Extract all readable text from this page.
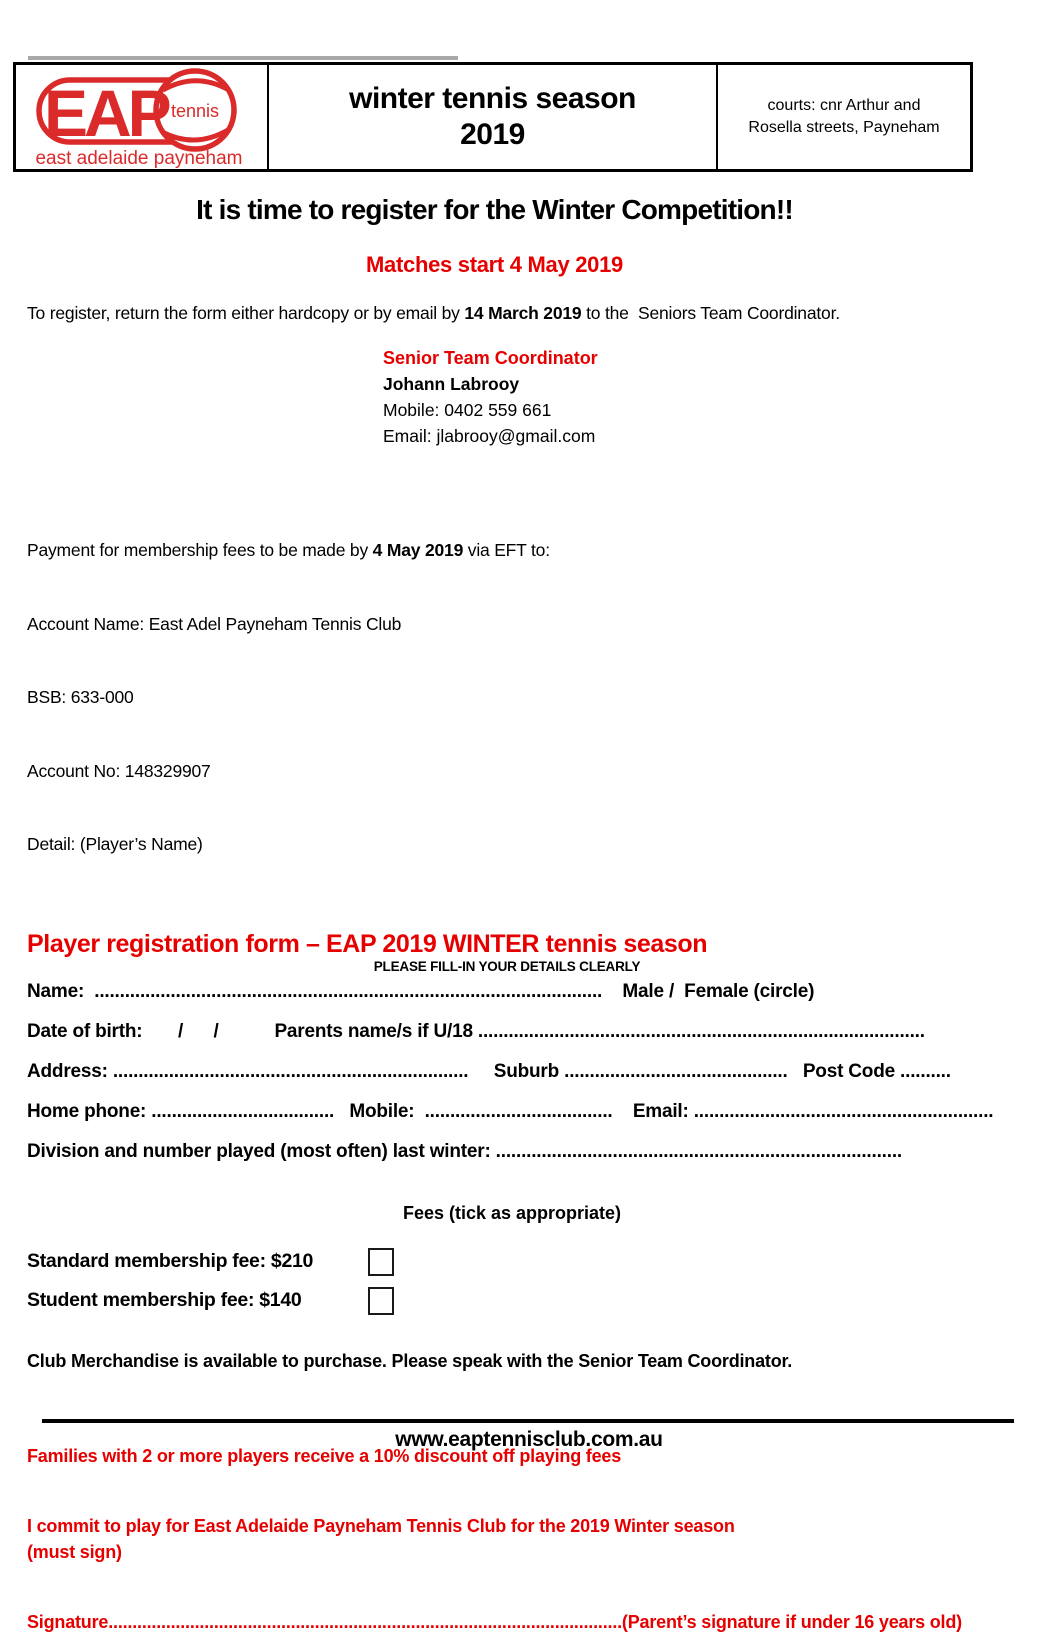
EAP tennis
east adelaide payneham
winter tennis season
2019
courts: cnr Arthur and
Rosella streets, Payneham
It is time to register for the Winter Competition!!
Matches start 4 May 2019
To register, return the form either hardcopy or by email by 14 March 2019 to the  Seniors Team Coordinator.
Senior Team Coordinator
Johann Labrooy
Mobile: 0402 559 661
Email: jlabrooy@gmail.com

Payment for membership fees to be made by 4 May 2019 via EFT to:

Account Name: East Adel Payneham Tennis Club

BSB: 633-000

Account No: 148329907

Detail: (Player’s Name)

Player registration form – EAP 2019 WINTER tennis season
PLEASE FILL-IN YOUR DETAILS CLEARLY
Name:  ....................................................................................................    Male /  Female (circle)
Date of birth:       /      /           Parents name/s if U/18 ........................................................................................
Address: ......................................................................     Suburb ............................................   Post Code ..........
Home phone: ....................................   Mobile:  .....................................    Email: ...........................................................
Division and number played (most often) last winter: ................................................................................
Fees (tick as appropriate)
Standard membership fee: $210
Student membership fee: $140
Club Merchandise is available to purchase. Please speak with the Senior Team Coordinator.
Families with 2 or more players receive a 10% discount off playing fees
I commit to play for East Adelaide Payneham Tennis Club for the 2019 Winter season
(must sign)
Signature...........................................................................................................(Parent’s signature if under 16 years old)
www.eaptennisclub.com.au
